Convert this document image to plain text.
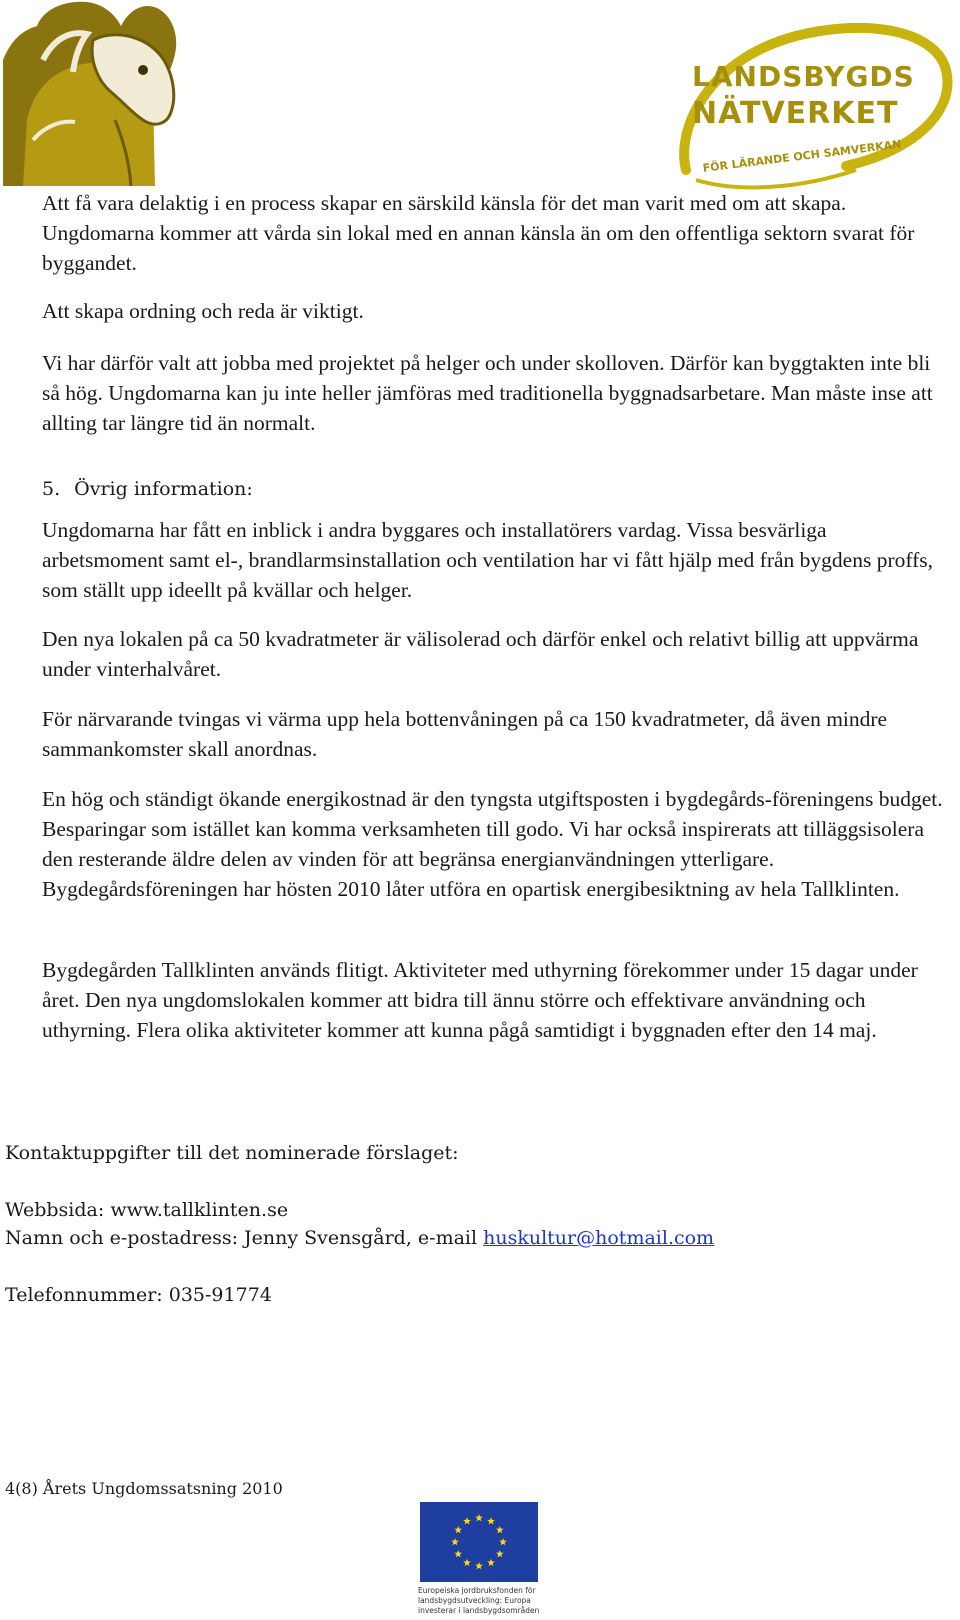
LANDSBYGDS
NÄTVERKET
FÖR LÄRANDE OCH SAMVERKAN

Att få vara delaktig i en process skapar en särskild känsla för det man varit med om att skapa. Ungdomarna kommer att vårda sin lokal med en annan känsla än om den offentliga sektorn svarat för byggandet.

Att skapa ordning och reda är viktigt.

Vi har därför valt att jobba med projektet på helger och under skolloven. Därför kan byggtakten inte bli så hög. Ungdomarna kan ju inte heller jämföras med traditionella byggnadsarbetare. Man måste inse att allting tar längre tid än normalt.

5. Övrig information:

Ungdomarna har fått en inblick i andra byggares och installatörers vardag. Vissa besvärliga arbetsmoment samt el-, brandlarmsinstallation och ventilation har vi fått hjälp med från bygdens proffs, som ställt upp ideellt på kvällar och helger.

Den nya lokalen på ca 50 kvadratmeter är välisolerad och därför enkel och relativt billig att uppvärma under vinterhalvåret.

För närvarande tvingas vi värma upp hela bottenvåningen på ca 150 kvadratmeter, då även mindre sammankomster skall anordnas.

En hög och ständigt ökande energikostnad är den tyngsta utgiftsposten i bygdegårds-föreningens budget. Besparingar som istället kan komma verksamheten till godo. Vi har också inspirerats att tilläggsisolera den resterande äldre delen av vinden för att begränsa energianvändningen ytterligare. Bygdegårdsföreningen har hösten 2010 låter utföra en opartisk energibesiktning av hela Tallklinten.

Bygdegården Tallklinten används flitigt. Aktiviteter med uthyrning förekommer under 15 dagar under året. Den nya ungdomslokalen kommer att bidra till ännu större och effektivare användning och uthyrning. Flera olika aktiviteter kommer att kunna pågå samtidigt i byggnaden efter den 14 maj.

Kontaktuppgifter till det nominerade förslaget:
Webbsida: www.tallklinten.se
Namn och e-postadress: Jenny Svensgård, e-mail huskultur@hotmail.com
Telefonnummer: 035-91774
4(8) Årets Ungdomssatsning 2010
Europeiska jordbruksfonden för landsbygdsutveckling: Europa investerar i landsbygdsområden
